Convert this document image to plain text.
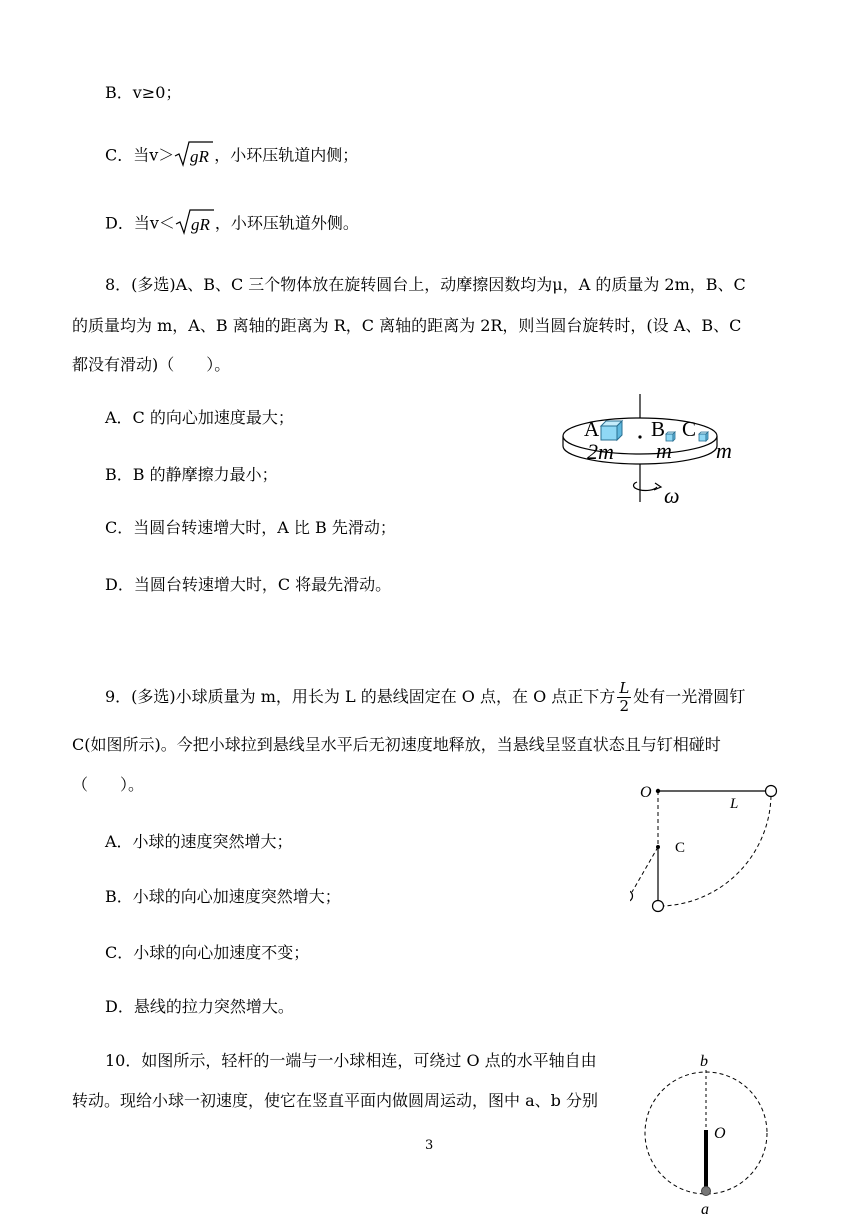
B．v≥0；
C．当v＞ gR ，小环压轨道内侧；
D．当v＜ gR ，小环压轨道外侧。
8．(多选)A、B、C 三个物体放在旋转圆台上，动摩擦因数均为μ，A 的质量为 2m，B、C
的质量均为 m，A、B 离轴的距离为 R，C 离轴的距离为 2R，则当圆台旋转时，(设 A、B、C
都没有滑动)（　　）。
A．C 的向心加速度最大；
B．B 的静摩擦力最小；
C．当圆台转速增大时，A 比 B 先滑动；
D．当圆台转速增大时，C 将最先滑动。
A B C
2m m m
ω
9．(多选)小球质量为 m，用长为 L 的悬线固定在 O 点，在 O 点正下方 $\frac{L}{2}$ 处有一光滑圆钉
C(如图所示)。今把小球拉到悬线呈水平后无初速度地释放，当悬线呈竖直状态且与钉相碰时
（　　）。
A．小球的速度突然增大；
B．小球的向心加速度突然增大；
C．小球的向心加速度不变；
D．悬线的拉力突然增大。
O
L
C
10．如图所示，轻杆的一端与一小球相连，可绕过 O 点的水平轴自由
转动。现给小球一初速度，使它在竖直平面内做圆周运动，图中 a、b 分别
b
O
a
3
